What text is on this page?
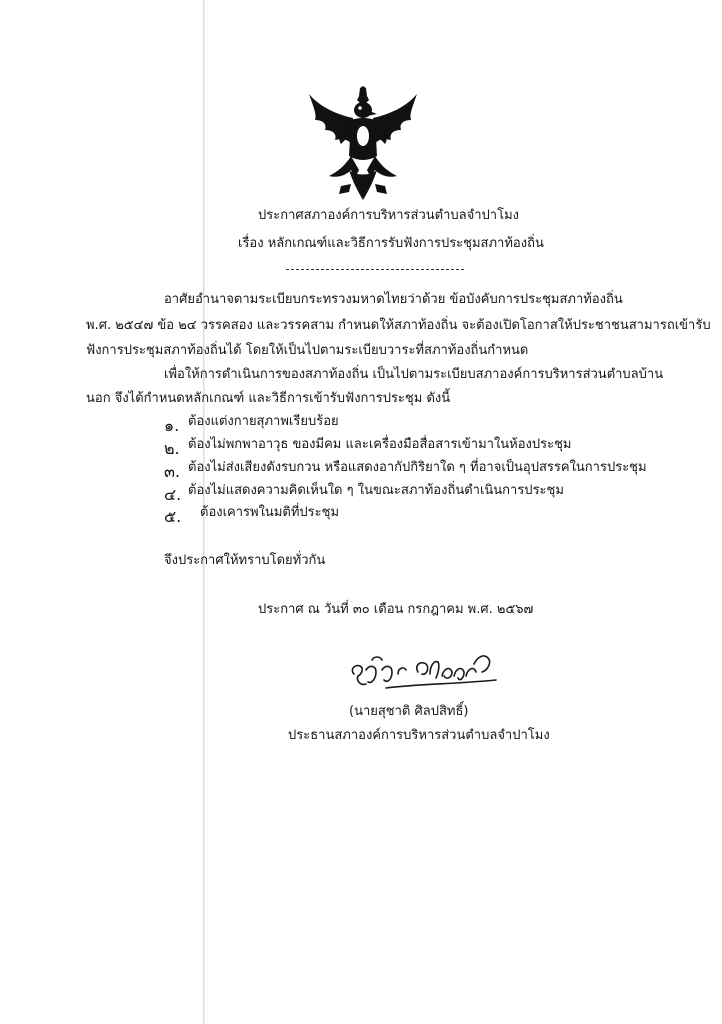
ประกาศสภาองค์การบริหารส่วนตำบลจำปาโมง
เรื่อง หลักเกณฑ์และวิธีการรับฟังการประชุมสภาท้องถิ่น
อาศัยอำนาจตามระเบียบกระทรวงมหาดไทยว่าด้วย ข้อบังคับการประชุมสภาท้องถิ่น
พ.ศ. ๒๕๔๗ ข้อ ๒๔ วรรคสอง และวรรคสาม กำหนดให้สภาท้องถิ่น จะต้องเปิดโอกาสให้ประชาชนสามารถเข้ารับ
ฟังการประชุมสภาท้องถิ่นได้ โดยให้เป็นไปตามระเบียบวาระที่สภาท้องถิ่นกำหนด
เพื่อให้การดำเนินการของสภาท้องถิ่น เป็นไปตามระเบียบสภาองค์การบริหารส่วนตำบลบ้าน
นอก จึงได้กำหนดหลักเกณฑ์ และวิธีการเข้ารับฟังการประชุม ดังนี้
๑. ต้องแต่งกายสุภาพเรียบร้อย
๒. ต้องไม่พกพาอาวุธ ของมีคม และเครื่องมือสื่อสารเข้ามาในห้องประชุม
๓. ต้องไม่ส่งเสียงดังรบกวน หรือแสดงอากัปกิริยาใด ๆ ที่อาจเป็นอุปสรรคในการประชุม
๔. ต้องไม่แสดงความคิดเห็นใด ๆ ในขณะสภาท้องถิ่นดำเนินการประชุม
๕. ต้องเคารพในมติที่ประชุม
จึงประกาศให้ทราบโดยทั่วกัน
ประกาศ ณ วันที่ ๓๐ เดือน กรกฎาคม พ.ศ. ๒๕๖๗
(นายสุชาติ ศิลปสิทธิ์)
ประธานสภาองค์การบริหารส่วนตำบลจำปาโมง
